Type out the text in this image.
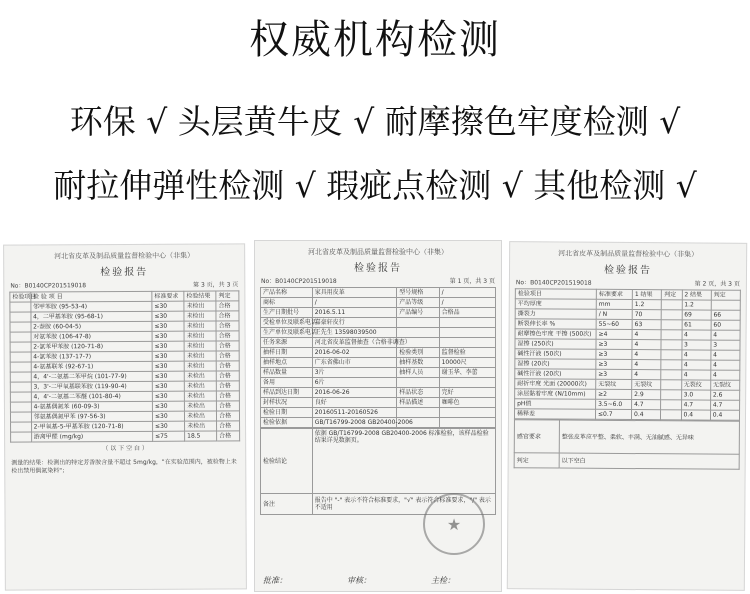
权威机构检测
环保 √ 头层黄牛皮 √ 耐摩擦色牢度检测 √
耐拉伸弹性检测 √ 瑕疵点检测 √ 其他检测 √
河北省皮革及制品质量监督检验中心（非集）
检验报告
No：B0140CP201519018	第 3 页，共 3 页
检验项目	检 验 项 目	标准要求	检验结果	判定
	邻甲苯胺 (95-53-4)	≤30	未检出	合格
	4，二甲基苯胺 (95-68-1)	≤30	未检出	合格
	2-萘胺 (60-04-5)	≤30	未检出	合格
	对氨苯胺 (106-47-8)	≤30	未检出	合格
	2-氯苯甲苯胺 (120-71-8)	≤30	未检出	合格
	4-氯苯胺 (137-17-7)	≤30	未检出	合格
	4-氨基联苯 (92-67-1)	≤30	未检出	合格
	4，4'-二氨基二苯甲烷 (101-77-9)	≤30	未检出	合格
	3，3'-二甲氧基联苯胺 (119-90-4)	≤30	未检出	合格
	4，4'-二氨基二苯醚 (101-80-4)	≤30	未检出	合格
	4-氨基偶氮苯 (60-09-3)	≤30	未检出	合格
	邻氨基偶氮甲苯 (97-56-3)	≤30	未检出	合格
	2-甲氧基-5-甲基苯胺 (120-71-8)	≤30	未检出	合格
	游离甲醛 (mg/kg)	≤75	18.5	合格
（ 以 下 空 白 ）
测量的结果：检测出的特定芳香胺含量不超过 5mg/kg，"在实验范围内，被检物上未检出禁用偶氮染料"；
河北省皮革及制品质量监督检验中心（非集）
检验报告
No：B0140CP201519018	第 1 页，共 3 页
产品名称	家具用皮革	型号规格	/
商标	/	产品等级	/
生产日期批号	2016.5.11	产品编号	合格品
受检单位及联系电话	嘉豪轩皮行		
生产单位及联系电话	王先生 13598039500		
任务来源	河北省皮革监督抽查（合格非调查）		
抽样日期	2016-06-02	检验类别	监督检验
抽样地点	广东省佛山市	抽样基数	10000尺
样品数量	3片	抽样人员	谢玉华、李蕾
备用	6片		
样品到达日期	2016-06-26	样品状态	完好
封样状况	良好	样品描述	咖啡色
检验日期	20160511-20160526		
检验依据	GB/T16799-2008 GB20400-2006		
检验结论	依据 GB/T16799-2008 GB20400-2006 标准检验，该样品检验结果详见数据页。
备注	报告中 "-" 表示不符合标准要求，"√" 表示符合标准要求，"/" 表示不适用
★
批准：	审核：	主检：
河北省皮革及制品质量监督检验中心（非集）
检验报告
No：B0140CP201519018	第 2 页，共 3 页
检验项目	标准要求	1 结果	判定	2 结果	判定
平均厚度	mm	1.2		1.2	
撕裂力	/ N	70		69	66
断裂伸长率 %	55~60	63		61	60
耐摩擦色牢度 干擦 (500次)	≥4	4		4	4
湿擦 (250次)	≥3	4		3	3
碱性汗液 (50次)	≥3	4		4	4
湿擦 (20次)	≥3	4		4	4
碱性汗液 (20次)	≥3	4		4	4
耐折牢度 光面 (20000次)	无裂纹	无裂纹		无裂纹	无裂纹
涂层黏着牢度 (N/10mm)	≥2	2.9		3.0	2.6
pH值	3.5~6.0	4.7		4.7	4.7
稀释差	≤0.7	0.4		0.4	0.4
感官要求	整张皮革应平整、柔软、丰满、无油腻感、无异味
判定	以下空白
